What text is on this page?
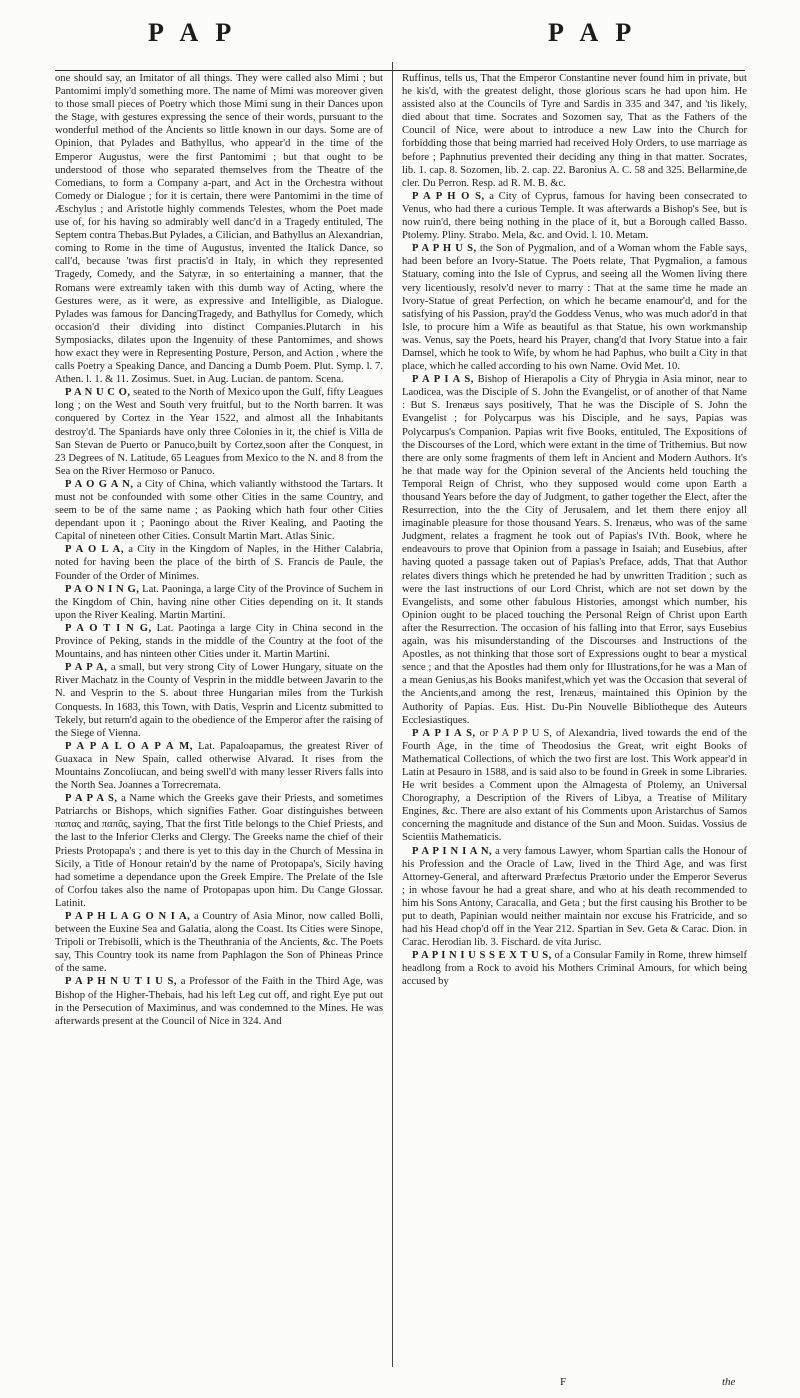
P A P	P A P

one should say, an Imitator of all things. They were called also Mimi ; but Pantomimi imply'd something more. The name of Mimi was moreover given to those small pieces of Poetry which those Mimi sung in their Dances upon the Stage, with gestures expressing the sence of their words, pursuant to the wonderful method of the Ancients so little known in our days. Some are of Opinion, that Pylades and Bathyllus, who appear'd in the time of the Emperor Augustus, were the first Pantomimi ; but that ought to be understood of those who separated themselves from the Theatre of the Comedians, to form a Company a-part, and Act in the Orchestra without Comedy or Dialogue ; for it is certain, there were Pantomimi in the time of Æschylus ; and Aristotle highly commends Telestes, whom the Poet made use of, for his having so admirably well danc'd in a Tragedy entituled, The Septem contra Thebas.But Pylades, a Cilician, and Bathyllus an Alexandrian, coming to Rome in the time of Augustus, invented the Italick Dance, so call'd, because 'twas first practis'd in Italy, in which they represented Tragedy, Comedy, and the Satyræ, in so entertaining a manner, that the Romans were extreamly taken with this dumb way of Acting, where the Gestures were, as it were, as expressive and Intelligible, as Dialogue. Pylades was famous for DancingTragedy, and Bathyllus for Comedy, which occasion'd their dividing into distinct Companies.Plutarch in his Symposiacks, dilates upon the Ingenuity of these Pantomimes, and shows how exact they were in Representing Posture, Person, and Action , where the calls Poetry a Speaking Dance, and Dancing a Dumb Poem. Plut. Symp. l. 7. Athen. l. 1. & 11. Zosimus. Suet. in Aug. Lucian. de pantom. Scena.

P A N U C O, seated to the North of Mexico upon the Gulf, fifty Leagues long ; on the West and South very fruitful, but to the North barren. It was conquered by Cortez in the Year 1522, and almost all the Inhabitants destroy'd. The Spaniards have only three Colonies in it, the chief is Villa de San Stevan de Puerto or Panuco,built by Cortez,soon after the Conquest, in 23 Degrees of N. Latitude, 65 Leagues from Mexico to the N. and 8 from the Sea on the River Hermoso or Panuco.

P A O G A N, a City of China, which valiantly withstood the Tartars. It must not be confounded with some other Cities in the same Country, and seem to be of the same name ; as Paoking which hath four other Cities dependant upon it ; Paoningo about the River Kealing, and Paoting the Capital of nineteen other Cities. Consult Martin Mart. Atlas Sinic.

P A O L A, a City in the Kingdom of Naples, in the Hither Calabria, noted for having been the place of the birth of S. Francis de Paule, the Founder of the Order of Minimes.

P A O N I N G, Lat. Paoninga, a large City of the Province of Suchem in the Kingdom of Chin, having nine other Cities depending on it. It stands upon the River Kealing. Martin Martini.

P A O T I N G, Lat. Paotinga a large City in China second in the Province of Peking, stands in the middle of the Country at the foot of the Mountains, and has ninteen other Cities under it. Martin Martini.

P A P A, a small, but very strong City of Lower Hungary, situate on the River Machatz in the County of Vesprin in the middle between Javarin to the N. and Vesprin to the S. about three Hungarian miles from the Turkish Conquests. In 1683, this Town, with Datis, Vesprin and Licentz submitted to Tekely, but return'd again to the obedience of the Emperor after the raising of the Siege of Vienna.

P A P A L O A P A M, Lat. Papaloapamus, the greatest River of Guaxaca in New Spain, called otherwise Alvarad. It rises from the Mountains Zoncoliucan, and being swell'd with many lesser Rivers falls into the North Sea. Joannes a Torrecremata.

P A P A S, a Name which the Greeks gave their Priests, and sometimes Patriarchs or Bishops, which signifies Father. Goar distinguishes between παπας and παπᾶς, saying, That the first Title belongs to the Chief Priests, and the last to the Inferior Clerks and Clergy. The Greeks name the chief of their Priests Protopapa's ; and there is yet to this day in the Church of Messina in Sicily, a Title of Honour retain'd by the name of Protopapa's, Sicily having had sometime a dependance upon the Greek Empire. The Prelate of the Isle of Corfou takes also the name of Protopapas upon him. Du Cange Glossar. Latinit.

P A P H L A G O N I A, a Country of Asia Minor, now called Bolli, between the Euxine Sea and Galatia, along the Coast. Its Cities were Sinope, Tripoli or Trebisolli, which is the Theuthrania of the Ancients, &c. The Poets say, This Country took its name from Paphlagon the Son of Phineas Prince of the same.

P A P H N U T I U S, a Professor of the Faith in the Third Age, was Bishop of the Higher-Thebais, had his left Leg cut off, and right Eye put out in the Persecution of Maximinus, and was condemned to the Mines. He was afterwards present at the Council of Nice in 324. And

Ruffinus, tells us, That the Emperor Constantine never found him in private, but he kis'd, with the greatest delight, those glorious scars he had upon him. He assisted also at the Councils of Tyre and Sardis in 335 and 347, and 'tis likely, died about that time. Socrates and Sozomen say, That as the Fathers of the Council of Nice, were about to introduce a new Law into the Church for forbidding those that being married had received Holy Orders, to use marriage as before ; Paphnutius prevented their deciding any thing in that matter. Socrates, lib. 1. cap. 8. Sozomen, lib. 2. cap. 22. Baronius A. C. 58 and 325. Bellarmine,de cler. Du Perron. Resp. ad R. M. B. &c.

P A P H O S, a City of Cyprus, famous for having been consecrated to Venus, who had there a curious Temple. It was afterwards a Bishop's See, but is now ruin'd, there being nothing in the place of it, but a Borough called Basso. Ptolemy. Pliny. Strabo. Mela, &c. and Ovid. l. 10. Metam.

P A P H U S, the Son of Pygmalion, and of a Woman whom the Fable says, had been before an Ivory-Statue. The Poets relate, That Pygmalion, a famous Statuary, coming into the Isle of Cyprus, and seeing all the Women living there very licentiously, resolv'd never to marry : That at the same time he made an Ivory-Statue of great Perfection, on which he became enamour'd, and for the satisfying of his Passion, pray'd the Goddess Venus, who was much ador'd in that Isle, to procure him a Wife as beautiful as that Statue, his own workmanship was. Venus, say the Poets, heard his Prayer, chang'd that Ivory Statue into a fair Damsel, which he took to Wife, by whom he had Paphus, who built a City in that place, which he called according to his own Name. Ovid Met. 10.

P A P I A S, Bishop of Hierapolis a City of Phrygia in Asia minor, near to Laodicea, was the Disciple of S. John the Evangelist, or of another of that Name : But S. Irenæus says positively, That he was the Disciple of S. John the Evangelist ; for Polycarpus was his Disciple, and he says, Papias was Polycarpus's Companion. Papias writ five Books, entituled, The Expositions of the Discourses of the Lord, which were extant in the time of Trithemius. But now there are only some fragments of them left in Ancient and Modern Authors. It's he that made way for the Opinion several of the Ancients held touching the Temporal Reign of Christ, who they supposed would come upon Earth a thousand Years before the day of Judgment, to gather together the Elect, after the Resurrection, into the the City of Jerusalem, and let them there enjoy all imaginable pleasure for those thousand Years. S. Irenæus, who was of the same Judgment, relates a fragment he took out of Papias's IVth. Book, where he endeavours to prove that Opinion from a passage in Isaiah; and Eusebius, after having quoted a passage taken out of Papias's Preface, adds, That that Author relates divers things which he pretended he had by unwritten Tradition ; such as were the last instructions of our Lord Christ, which are not set down by the Evangelists, and some other fabulous Histories, amongst which number, his Opinion ought to be placed touching the Personal Reign of Christ upon Earth after the Resurrection. The occasion of his falling into that Error, says Eusebius again, was his misunderstanding of the Discourses and Instructions of the Apostles, as not thinking that those sort of Expressions ought to bear a mystical sence ; and that the Apostles had them only for Illustrations,for he was a Man of a mean Genius,as his Books manifest,which yet was the Occasion that several of the Ancients,and among the rest, Irenæus, maintained this Opinion by the Authority of Papias. Eus. Hist. Du-Pin Nouvelle Bibliotheque des Auteurs Ecclesiastiques.

P A P I A S, or P A P P U S, of Alexandria, lived towards the end of the Fourth Age, in the time of Theodosius the Great, writ eight Books of Mathematical Collections, of which the two first are lost. This Work appear'd in Latin at Pesauro in 1588, and is said also to be found in Greek in some Libraries. He writ besides a Comment upon the Almagesta of Ptolemy, an Universal Chorography, a Description of the Rivers of Libya, a Treatise of Military Engines, &c. There are also extant of his Comments upon Aristarchus of Samos concerning the magnitude and distance of the Sun and Moon. Suidas. Vossius de Scientiis Mathematicis.

P A P I N I A N, a very famous Lawyer, whom Spartian calls the Honour of his Profession and the Oracle of Law, lived in the Third Age, and was first Attorney-General, and afterward Præfectus Prætorio under the Emperor Severus ; in whose favour he had a great share, and who at his death recommended to him his Sons Antony, Caracalla, and Geta ; but the first causing his Brother to be put to death, Papinian would neither maintain nor excuse his Fratricide, and so had his Head chop'd off in the Year 212. Spartian in Sev. Geta & Carac. Dion. in Carac. Herodian lib. 3. Fischard. de vita Jurisc.

P A P I N I U S S E X T U S, of a Consular Family in Rome, threw himself headlong from a Rock to avoid his Mothers Criminal Amours, for which being accused by

F	the
